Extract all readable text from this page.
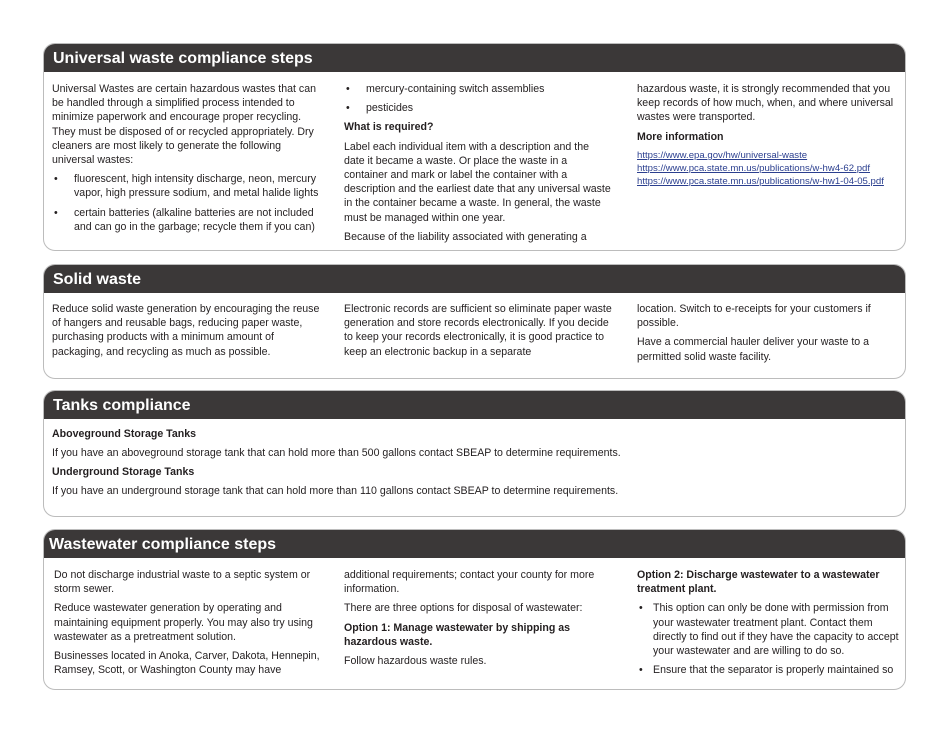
Universal waste compliance steps

Universal Wastes are certain hazardous wastes that can be handled through a simplified process intended to minimize paperwork and encourage proper recycling. They must be disposed of or recycled appropriately. Dry cleaners are most likely to generate the following universal wastes:

• fluorescent, high intensity discharge, neon, mercury vapor, high pressure sodium, and metal halide lights
• certain batteries (alkaline batteries are not included and can go in the garbage; recycle them if you can)
• mercury-containing switch assemblies
• pesticides
What is required?

Label each individual item with a description and the date it became a waste. Or place the waste in a container and mark or label the container with a description and the earliest date that any universal waste in the container became a waste. In general, the waste must be managed within one year.

Because of the liability associated with generating a

hazardous waste, it is strongly recommended that you keep records of how much, when, and where universal wastes were transported.

More information
https://www.epa.gov/hw/universal-waste
https://www.pca.state.mn.us/publications/w-hw4-62.pdf
https://www.pca.state.mn.us/publications/w-hw1-04-05.pdf
Solid waste

Reduce solid waste generation by encouraging the reuse of hangers and reusable bags, reducing paper waste, purchasing products with a minimum amount of packaging, and recycling as much as possible.

Electronic records are sufficient so eliminate paper waste generation and store records electronically. If you decide to keep your records electronically, it is good practice to keep an electronic backup in a separate

location. Switch to e-receipts for your customers if possible.

Have a commercial hauler deliver your waste to a permitted solid waste facility.

Tanks compliance
Aboveground Storage Tanks

If you have an aboveground storage tank that can hold more than 500 gallons contact SBEAP to determine requirements.

Underground Storage Tanks

If you have an underground storage tank that can hold more than 110 gallons contact SBEAP to determine requirements.

Wastewater compliance steps

Do not discharge industrial waste to a septic system or storm sewer.

Reduce wastewater generation by operating and maintaining equipment properly. You may also try using wastewater as a pretreatment solution.

Businesses located in Anoka, Carver, Dakota, Hennepin, Ramsey, Scott, or Washington County may have

additional requirements; contact your county for more information.

There are three options for disposal of wastewater:

Option 1: Manage wastewater by shipping as hazardous waste.

Follow hazardous waste rules.

Option 2: Discharge wastewater to a wastewater treatment plant.
• This option can only be done with permission from your wastewater treatment plant. Contact them directly to find out if they have the capacity to accept your wastewater and are willing to do so.
• Ensure that the separator is properly maintained so
